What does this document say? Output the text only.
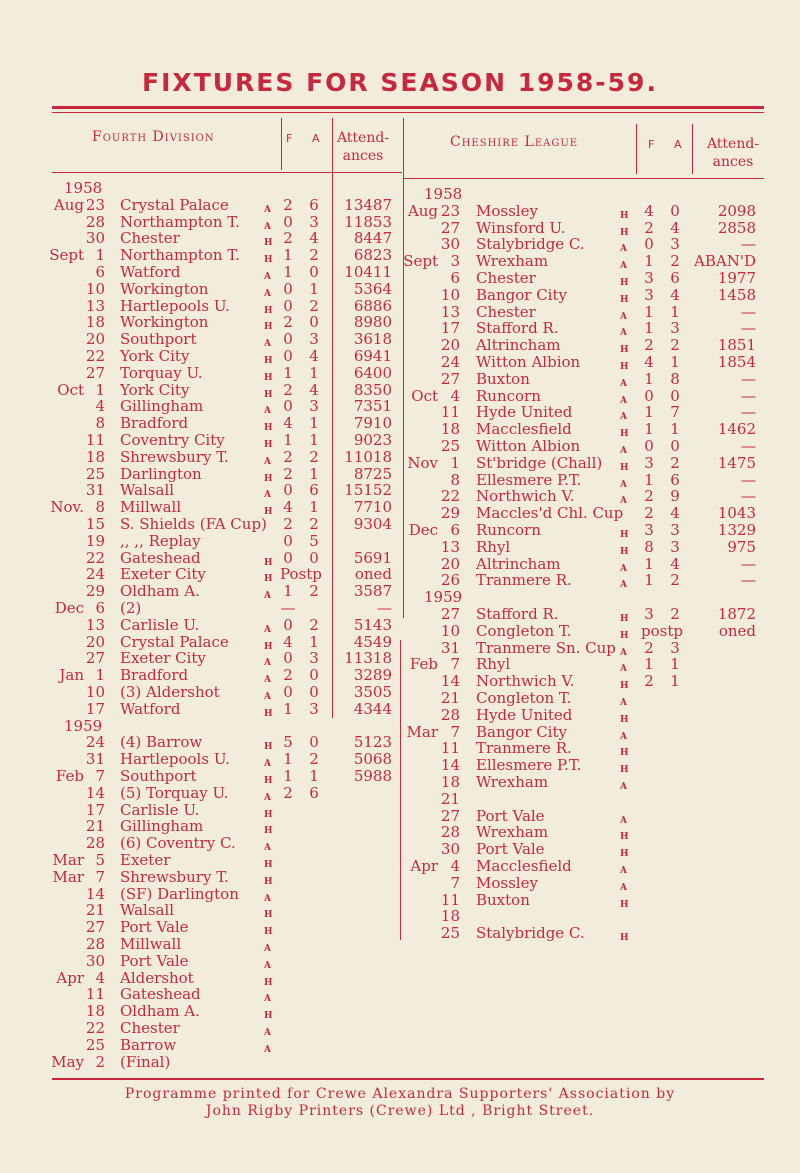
FIXTURES FOR SEASON 1958-59.
Fourth Division	F A	Attend-
ances
Cheshire League	F A	Attend-
ances
1958
Aug 23 Crystal Palace	A 2 6	13487
28 Northampton T.	A 0 3	11853
30 Chester	H 2 4	8447
Sept 1 Northampton T.	H 1 2	6823
6 Watford	A 1 0	10411
10 Workington	A 0 1	5364
13 Hartlepools U.	H 0 2	6886
18 Workington	H 2 0	8980
20 Southport	A 0 3	3618
22 York City	H 0 4	6941
27 Torquay U.	H 1 1	6400
Oct 1 York City	H 2 4	8350
4 Gillingham	A 0 3	7351
8 Bradford	H 4 1	7910
11 Coventry City	H 1 1	9023
18 Shrewsbury T.	A 2 2	11018
25 Darlington	H 2 1	8725
31 Walsall	A 0 6	15152
Nov. 8 Millwall	H 4 1	7710
15 S. Shields (FA Cup) 2 2	9304
19 ,, ,, Replay	0 5
22 Gateshead	H 0 0	5691
24 Exeter City	H Postp	oned
29 Oldham A.	A 1 2	3587
Dec 6 (2)	—	—
13 Carlisle U.	A 0 2	5143
20 Crystal Palace	H 4 1	4549
27 Exeter City	A 0 3	11318
Jan 1 Bradford	A 2 0	3289
10 (3) Aldershot	A 0 0	3505
17 Watford	H 1 3	4344
1959
24 (4) Barrow	H 5 0	5123
31 Hartlepools U.	A 1 2	5068
Feb 7 Southport	H 1 1	5988
14 (5) Torquay U.	A 2 6
17 Carlisle U.	H
21 Gillingham	H
28 (6) Coventry C.	A
Mar 5 Exeter	H
Mar 7 Shrewsbury T.	H
14 (SF) Darlington	A
21 Walsall	H
27 Port Vale	H
28 Millwall	A
30 Port Vale	A
Apr 4 Aldershot	H
11 Gateshead	A
18 Oldham A.	H
22 Chester	A
25 Barrow	A
May 2 (Final)
1958
Aug 23 Mossley	H 4 0	2098
27 Winsford U.	H 2 4	2858
30 Stalybridge C.	A 0 3	—
Sept 3 Wrexham	A 1 2 ABAN'D
6 Chester	H 3 6	1977
10 Bangor City	H 3 4	1458
13 Chester	A 1 1	—
17 Stafford R.	A 1 3	—
20 Altrincham	H 2 2	1851
24 Witton Albion	H 4 1	1854
27 Buxton	A 1 8	—
Oct 4 Runcorn	A 0 0	—
11 Hyde United	A 1 7	—
18 Macclesfield	H 1 1	1462
25 Witton Albion	A 0 0	—
Nov 1 St'bridge (Chall) H 3 2	1475
8 Ellesmere P.T.	A 1 6	—
22 Northwich V.	A 2 9	—
29 Maccles'd Chl. Cup 2 4	1043
Dec 6 Runcorn	H 3 3	1329
13 Rhyl	H 8 3	975
20 Altrincham	A 1 4	—
26 Tranmere R.	A 1 2	—
1959
27 Stafford R.	H 3 2	1872
10 Congleton T.	H postp	oned
31 Tranmere Sn. Cup A 2 3
Feb 7 Rhyl	A 1 1
14 Northwich V.	H 2 1
21 Congleton T.	A
28 Hyde United	H
Mar 7 Bangor City	A
11 Tranmere R.	H
14 Ellesmere P.T.	H
18 Wrexham	A
21
27 Port Vale	A
28 Wrexham	H
30 Port Vale	H
Apr 4 Macclesfield	A
7 Mossley	A
11 Buxton	H
18
25 Stalybridge C.	H
Programme printed for Crewe Alexandra Supporters' Association by
John Rigby Printers (Crewe) Ltd , Bright Street.
